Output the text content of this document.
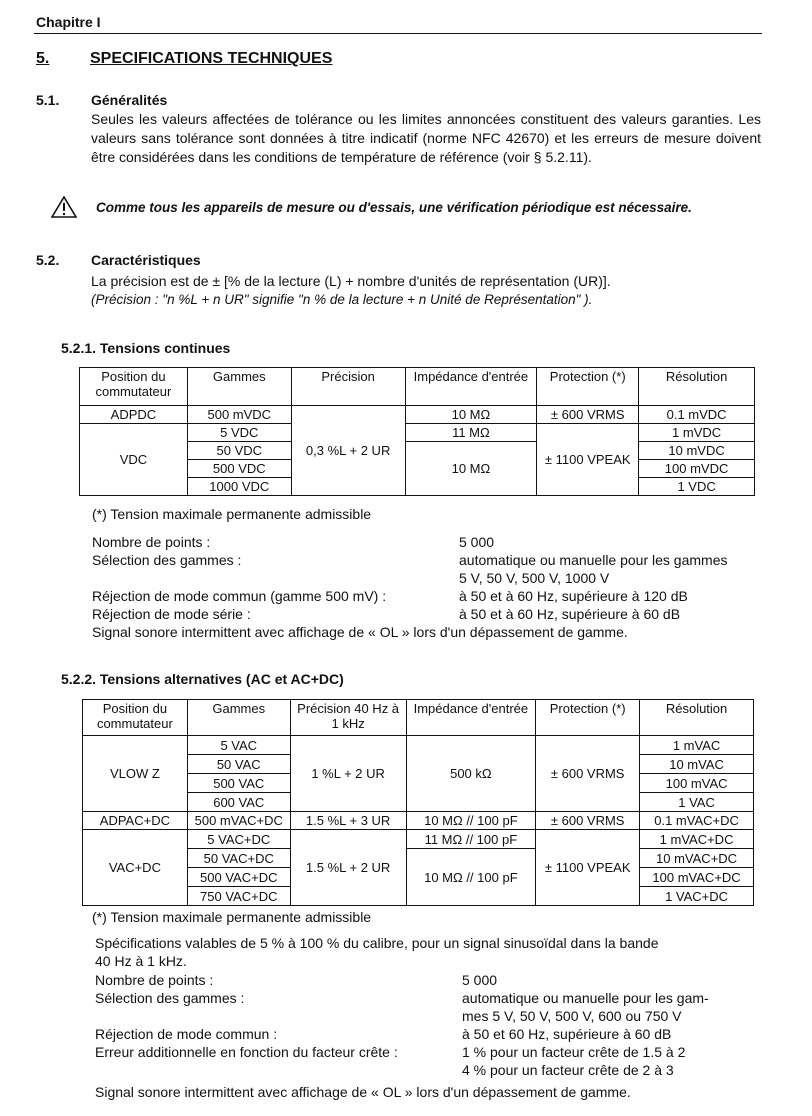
Chapitre I
5.	SPECIFICATIONS TECHNIQUES
5.1. Généralités
Seules les valeurs affectées de tolérance ou les limites annoncées constituent des valeurs garanties. Les valeurs sans tolérance sont données à titre indicatif (norme NFC 42670) et les erreurs de mesure doivent être considérées dans les conditions de température de référence (voir § 5.2.11).
Comme tous les appareils de mesure ou d'essais, une vérification périodique est nécessaire.
5.2. Caractéristiques
La précision est de ± [% de la lecture (L) + nombre d'unités de représentation (UR)].
(Précision : "n %L + n UR" signifie "n % de la lecture + n Unité de Représentation" ).
5.2.1. Tensions continues
Position du commutateur	Gammes	Précision	Impédance d'entrée	Protection (*)	Résolution
ADPDC	500 mVDC	0,3 %L + 2 UR	10 MΩ	± 600 VRMS	0.1 mVDC
VDC	5 VDC		11 MΩ	± 1100 VPEAK	1 mVDC
	50 VDC		10 MΩ		10 mVDC
	500 VDC				100 mVDC
	1000 VDC				1 VDC
(*) Tension maximale permanente admissible
Nombre de points :	5 000
Sélection des gammes :	automatique ou manuelle pour les gammes
5 V, 50 V, 500 V, 1000 V
Réjection de mode commun (gamme 500 mV) :	à 50 et à 60 Hz, supérieure à 120 dB
Réjection de mode série :	à 50 et à 60 Hz, supérieure à 60 dB
Signal sonore intermittent avec affichage de « OL » lors d'un dépassement de gamme.
5.2.2. Tensions alternatives (AC et AC+DC)
Position du commutateur	Gammes	Précision 40 Hz à 1 kHz	Impédance d'entrée	Protection (*)	Résolution
VLOW Z	5 VAC	1 %L + 2 UR	500 kΩ	± 600 VRMS	1 mVAC
	50 VAC				10 mVAC
	500 VAC				100 mVAC
	600 VAC				1 VAC
ADPAC+DC	500 mVAC+DC	1.5 %L + 3 UR	10 MΩ // 100 pF	± 600 VRMS	0.1 mVAC+DC
VAC+DC	5 VAC+DC	1.5 %L + 2 UR	11 MΩ // 100 pF	± 1100 VPEAK	1 mVAC+DC
	50 VAC+DC		10 MΩ // 100 pF		10 mVAC+DC
	500 VAC+DC				100 mVAC+DC
	750 VAC+DC				1 VAC+DC
(*) Tension maximale permanente admissible
Spécifications valables de 5 % à 100 % du calibre, pour un signal sinusoïdal dans la bande
40 Hz à 1 kHz.
Nombre de points :	5 000
Sélection des gammes :	automatique ou manuelle pour les gam-
mes 5 V, 50 V, 500 V, 600 ou 750 V
Réjection de mode commun :	à 50 et 60 Hz, supérieure à 60 dB
Erreur additionnelle en fonction du facteur crête :	1 % pour un facteur crête de 1.5 à 2
4 % pour un facteur crête de 2 à 3
Signal sonore intermittent avec affichage de « OL » lors d'un dépassement de gamme.
